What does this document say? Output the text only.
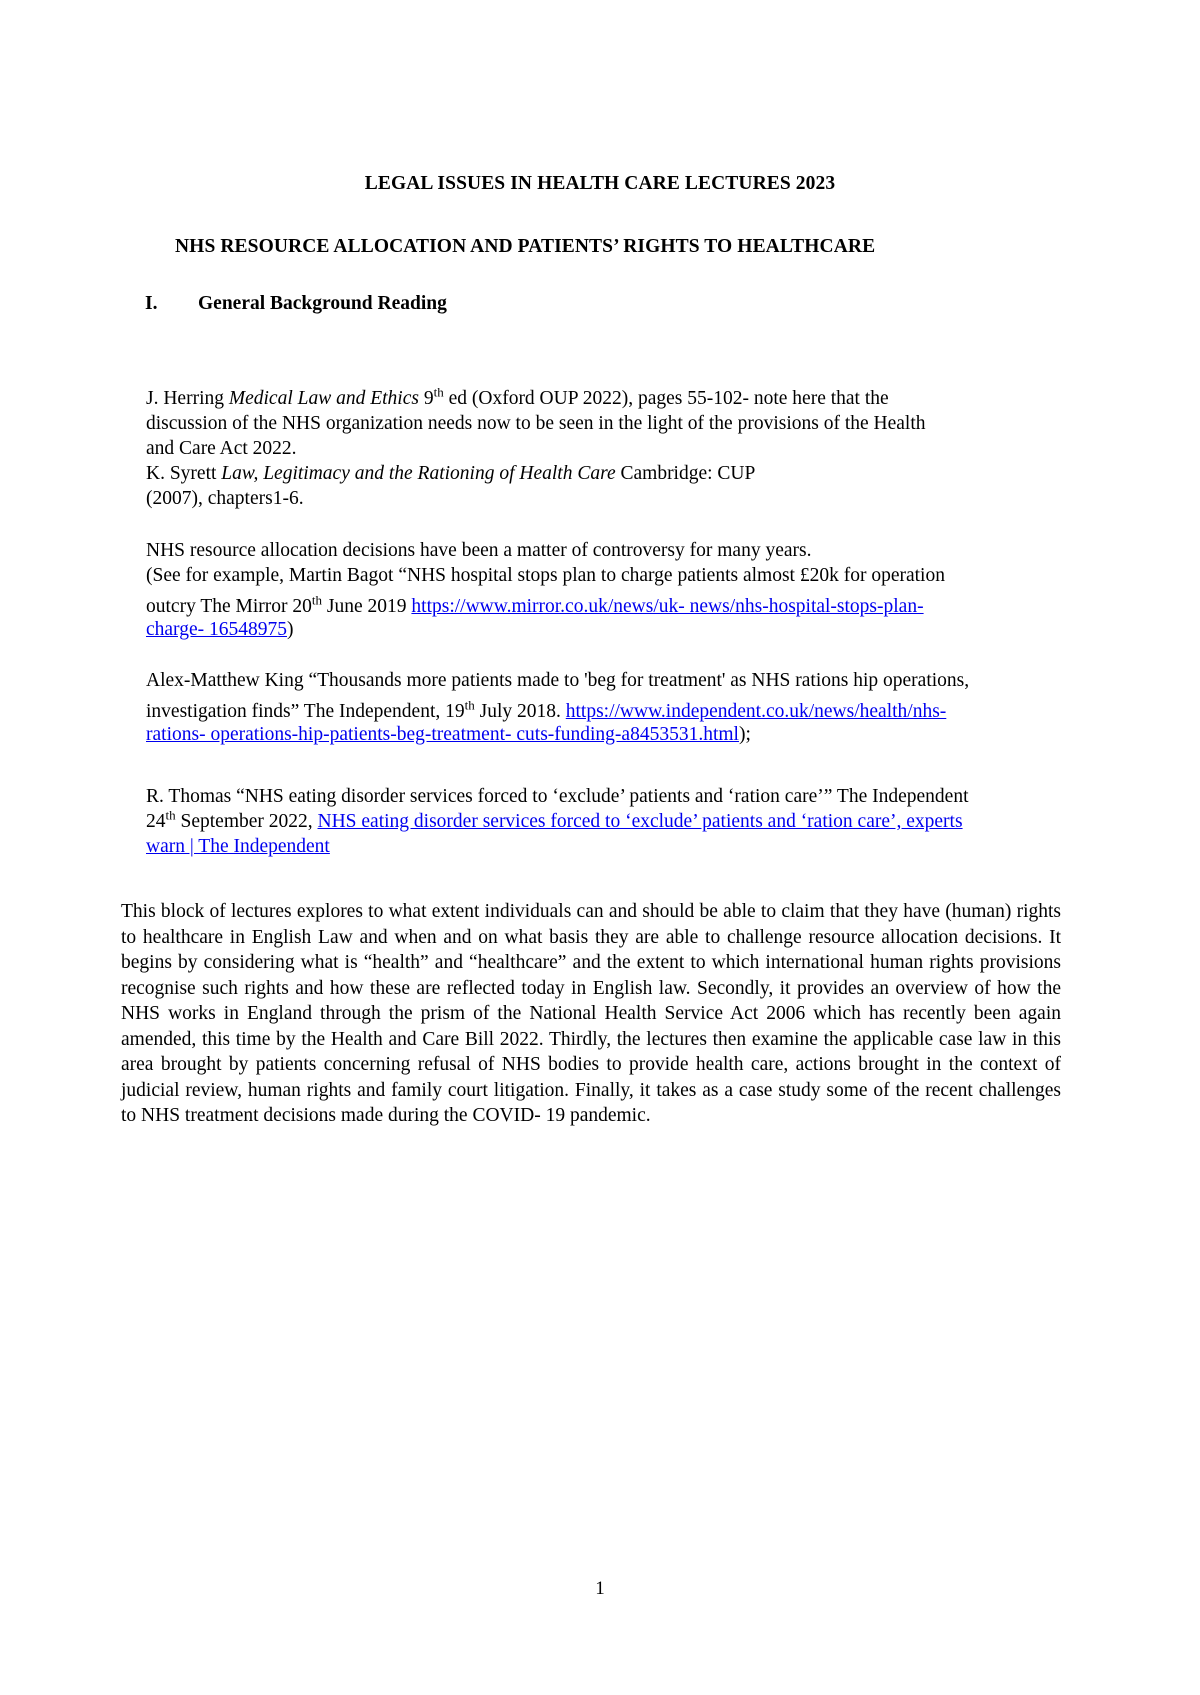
LEGAL ISSUES IN HEALTH CARE LECTURES 2023
NHS RESOURCE ALLOCATION AND PATIENTS’ RIGHTS TO HEALTHCARE
I. General Background Reading
J. Herring Medical Law and Ethics 9th ed (Oxford OUP 2022), pages 55-102- note here that the
discussion of the NHS organization needs now to be seen in the light of the provisions of the Health
and Care Act 2022.
K. Syrett Law, Legitimacy and the Rationing of Health Care Cambridge: CUP
(2007), chapters1-6.
NHS resource allocation decisions have been a matter of controversy for many years.
(See for example, Martin Bagot “NHS hospital stops plan to charge patients almost £20k for operation
outcry The Mirror 20th June 2019 https://www.mirror.co.uk/news/uk- news/nhs-hospital-stops-plan-
charge- 16548975)
Alex-Matthew King “Thousands more patients made to 'beg for treatment' as NHS rations hip operations,
investigation finds” The Independent, 19th July 2018. https://www.independent.co.uk/news/health/nhs-
rations- operations-hip-patients-beg-treatment- cuts-funding-a8453531.html);
R. Thomas “NHS eating disorder services forced to ‘exclude’ patients and ‘ration care’” The Independent
24th September 2022, NHS eating disorder services forced to ‘exclude’ patients and ‘ration care’, experts
warn | The Independent
This block of lectures explores to what extent individuals can and should be able to claim that they have (human) rights to healthcare in English Law and when and on what basis they are able to challenge resource allocation decisions. It begins by considering what is “health” and “healthcare” and the extent to which international human rights provisions recognise such rights and how these are reflected today in English law. Secondly, it provides an overview of how the NHS works in England through the prism of the National Health Service Act 2006 which has recently been again amended, this time by the Health and Care Bill 2022. Thirdly, the lectures then examine the applicable case law in this area brought by patients concerning refusal of NHS bodies to provide health care, actions brought in the context of judicial review, human rights and family court litigation. Finally, it takes as a case study some of the recent challenges to NHS treatment decisions made during the COVID- 19 pandemic.
1
